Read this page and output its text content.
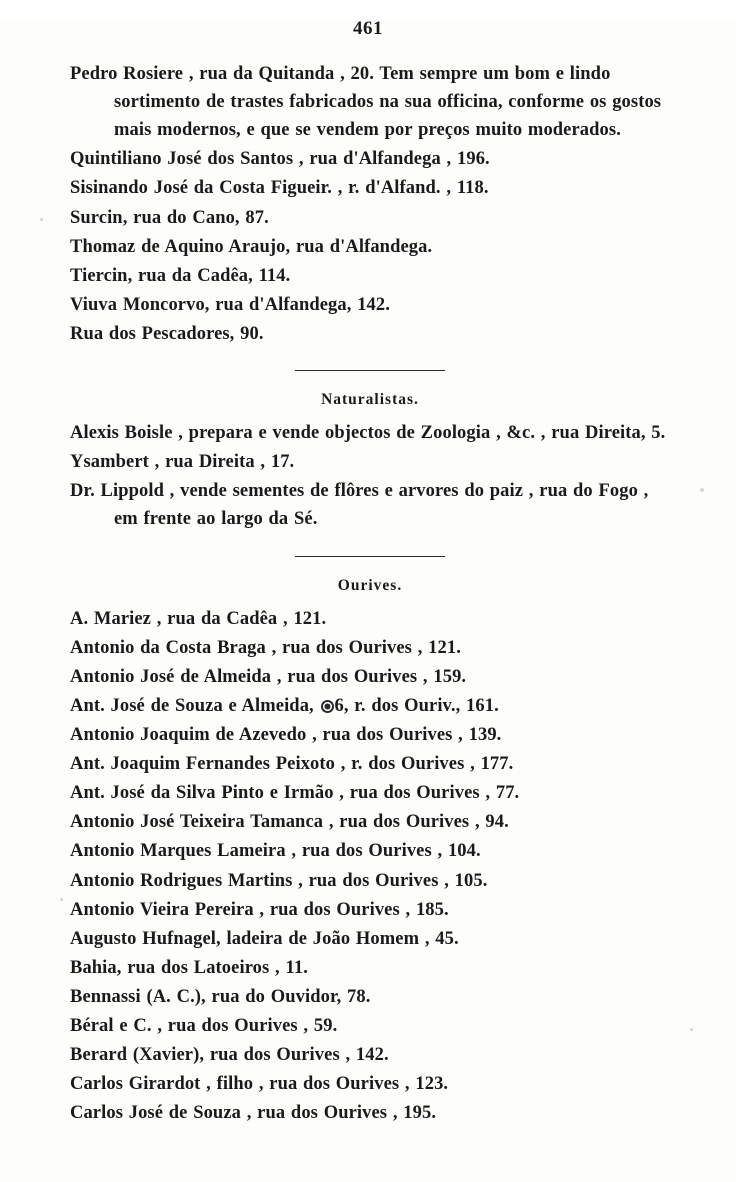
461

Pedro Rosiere , rua da Quitanda , 20. Tem sempre um bom e lindo sortimento de trastes fabricados na sua officina, conforme os gostos mais modernos, e que se vendem por preços muito moderados.

Quintiliano José dos Santos , rua d'Alfandega , 196.

Sisinando José da Costa Figueir. , r. d'Alfand. , 118.

Surcin, rua do Cano, 87.

Thomaz de Aquino Araujo, rua d'Alfandega.

Tiercin, rua da Cadêa, 114.

Viuva Moncorvo, rua d'Alfandega, 142.

Rua dos Pescadores, 90.

Naturalistas.

Alexis Boisle , prepara e vende objectos de Zoologia , &c. , rua Direita, 5.

Ysambert , rua Direita , 17.

Dr. Lippold , vende sementes de flôres e arvores do paiz , rua do Fogo , em frente ao largo da Sé.

Ourives.

A. Mariez , rua da Cadêa , 121.

Antonio da Costa Braga , rua dos Ourives , 121.

Antonio José de Almeida , rua dos Ourives , 159.

Ant. José de Souza e Almeida, 6, r. dos Ouriv., 161.

Antonio Joaquim de Azevedo , rua dos Ourives , 139.

Ant. Joaquim Fernandes Peixoto , r. dos Ourives , 177.

Ant. José da Silva Pinto e Irmão , rua dos Ourives , 77.

Antonio José Teixeira Tamanca , rua dos Ourives , 94.

Antonio Marques Lameira , rua dos Ourives , 104.

Antonio Rodrigues Martins , rua dos Ourives , 105.

Antonio Vieira Pereira , rua dos Ourives , 185.

Augusto Hufnagel, ladeira de João Homem , 45.

Bahia, rua dos Latoeiros , 11.

Bennassi (A. C.), rua do Ouvidor, 78.

Béral e C. , rua dos Ourives , 59.

Berard (Xavier), rua dos Ourives , 142.

Carlos Girardot , filho , rua dos Ourives , 123.

Carlos José de Souza , rua dos Ourives , 195.
